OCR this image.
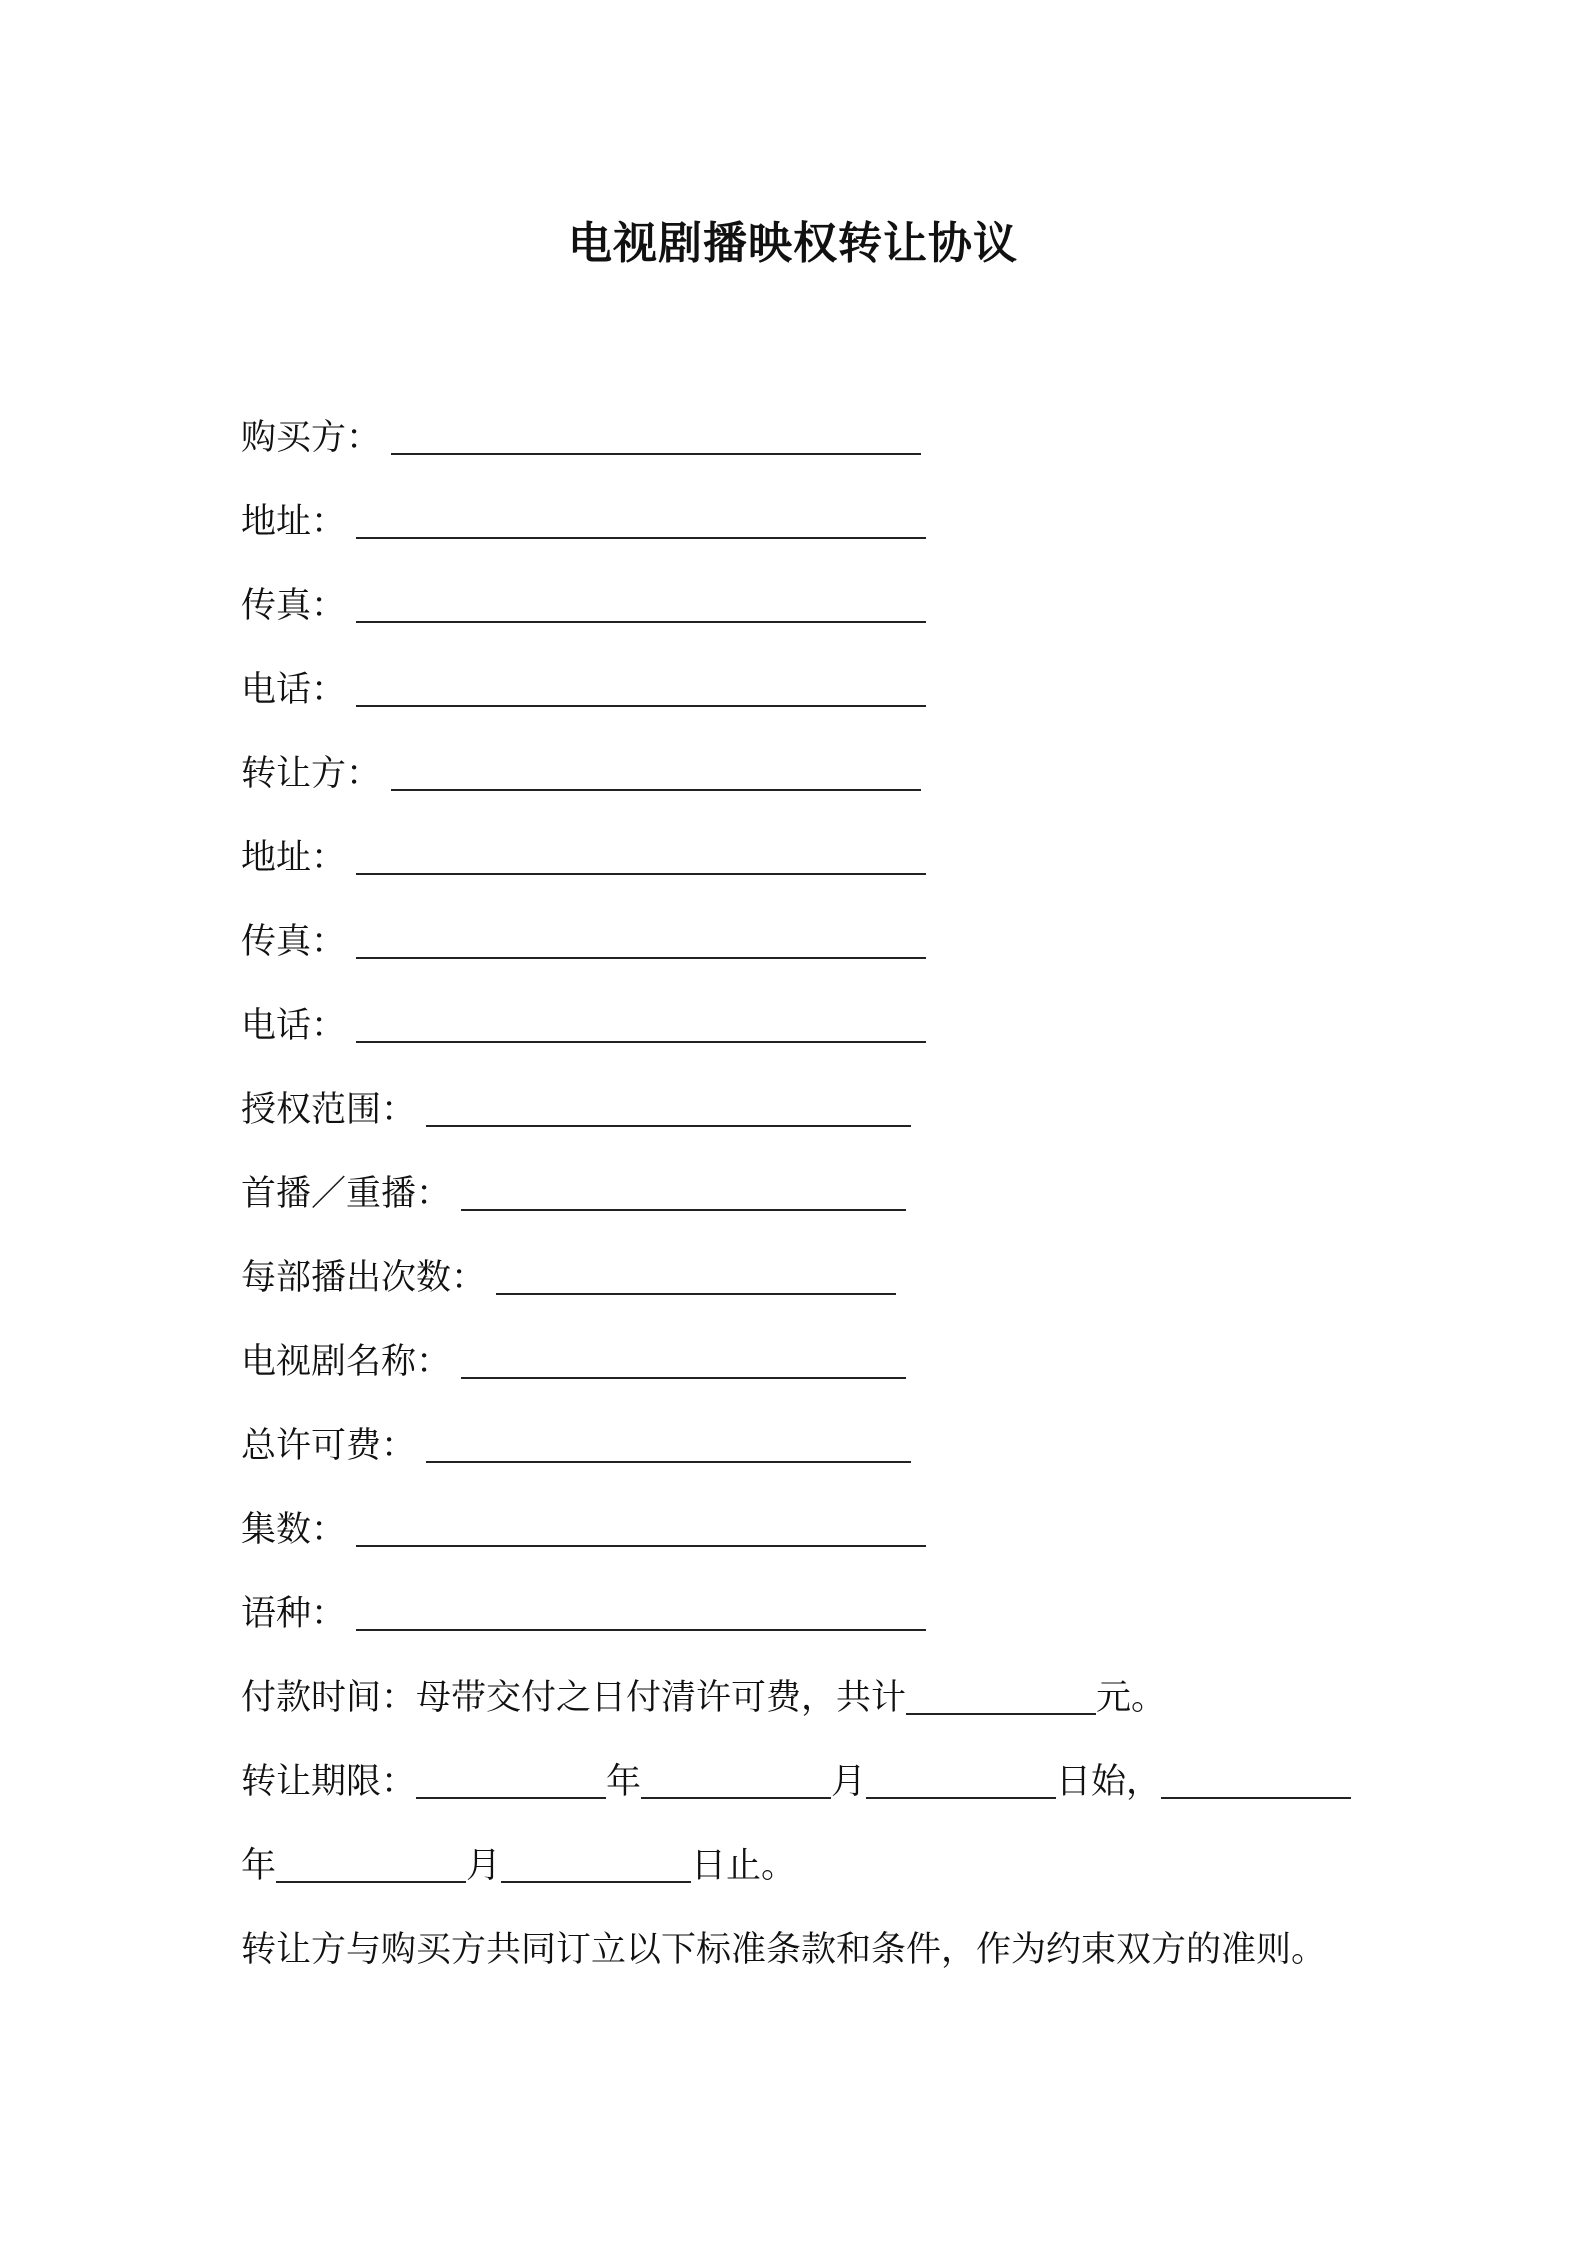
电视剧播映权转让协议
购买方：
地址：
传真：
电话：
转让方：
地址：
传真：
电话：
授权范围：
首播／重播：
每部播出次数：
电视剧名称：
总许可费：
集数：
语种：
付款时间：母带交付之日付清许可费，共计	元。
转让期限：	年	月	日始，
年	月	日止。
转让方与购买方共同订立以下标准条款和条件，作为约束双方的准则。
